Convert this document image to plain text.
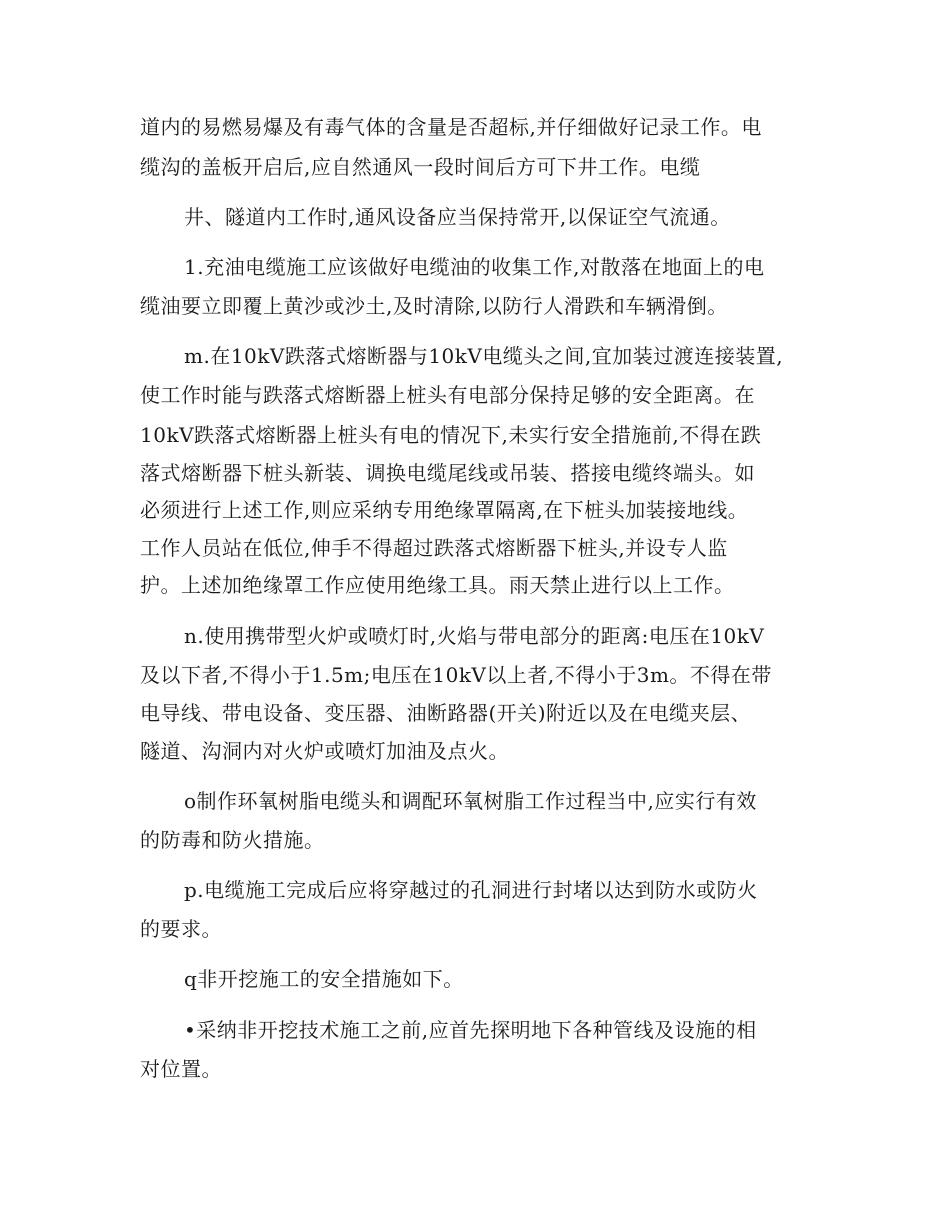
道内的易燃易爆及有毒气体的含量是否超标,并仔细做好记录工作。电
缆沟的盖板开启后,应自然通风一段时间后方可下井工作。电缆
井、隧道内工作时,通风设备应当保持常开,以保证空气流通。
1.充油电缆施工应该做好电缆油的收集工作,对散落在地面上的电
缆油要立即覆上黄沙或沙土,及时清除,以防行人滑跌和车辆滑倒。
m.在10kV跌落式熔断器与10kV电缆头之间,宜加装过渡连接装置,
使工作时能与跌落式熔断器上桩头有电部分保持足够的安全距离。在
10kV跌落式熔断器上桩头有电的情况下,未实行安全措施前,不得在跌
落式熔断器下桩头新装、调换电缆尾线或吊装、搭接电缆终端头。如
必须进行上述工作,则应采纳专用绝缘罩隔离,在下桩头加装接地线。
工作人员站在低位,伸手不得超过跌落式熔断器下桩头,并设专人监
护。上述加绝缘罩工作应使用绝缘工具。雨天禁止进行以上工作。
n.使用携带型火炉或喷灯时,火焰与带电部分的距离:电压在10kV
及以下者,不得小于1.5m;电压在10kV以上者,不得小于3m。不得在带
电导线、带电设备、变压器、油断路器(开关)附近以及在电缆夹层、
隧道、沟洞内对火炉或喷灯加油及点火。
o制作环氧树脂电缆头和调配环氧树脂工作过程当中,应实行有效
的防毒和防火措施。
p.电缆施工完成后应将穿越过的孔洞进行封堵以达到防水或防火
的要求。
q非开挖施工的安全措施如下。
•采纳非开挖技术施工之前,应首先探明地下各种管线及设施的相
对位置。
